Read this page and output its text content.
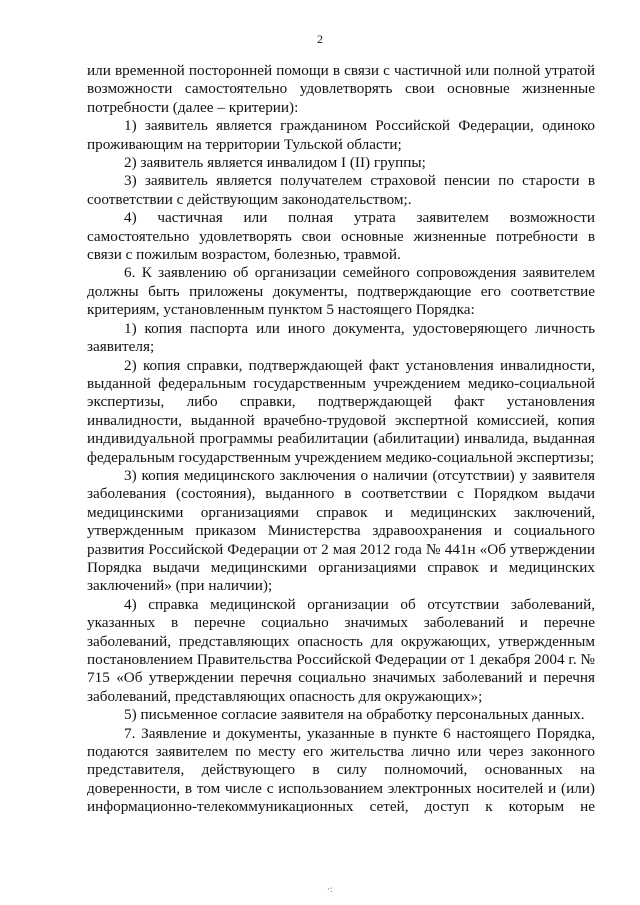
2

или временной посторонней помощи в связи с частичной или полной утратой возможности самостоятельно удовлетворять свои основные жизненные потребности (далее – критерии):

1) заявитель является гражданином Российской Федерации, одиноко проживающим на территории Тульской области;

2) заявитель является инвалидом I (II) группы;

3) заявитель является получателем страховой пенсии по старости в соответствии с действующим законодательством;.

4) частичная или полная утрата заявителем возможности самостоятельно удовлетворять свои основные жизненные потребности в связи с пожилым возрастом, болезнью, травмой.

6. К заявлению об организации семейного сопровождения заявителем должны быть приложены документы, подтверждающие его соответствие критериям, установленным пунктом 5 настоящего Порядка:

1) копия паспорта или иного документа, удостоверяющего личность заявителя;

2) копия справки, подтверждающей факт установления инвалидности, выданной федеральным государственным учреждением медико-социальной экспертизы, либо справки, подтверждающей факт установления инвалидности, выданной врачебно-трудовой экспертной комиссией, копия индивидуальной программы реабилитации (абилитации) инвалида, выданная федеральным государственным учреждением медико-социальной экспертизы;

3) копия медицинского заключения о наличии (отсутствии) у заявителя заболевания (состояния), выданного в соответствии с Порядком выдачи медицинскими организациями справок и медицинских заключений, утвержденным приказом Министерства здравоохранения и социального развития Российской Федерации от 2 мая 2012 года № 441н «Об утверждении Порядка выдачи медицинскими организациями справок и медицинских заключений» (при наличии);

4) справка медицинской организации об отсутствии заболеваний, указанных в перечне социально значимых заболеваний и перечне заболеваний, представляющих опасность для окружающих, утвержденным постановлением Правительства Российской Федерации от 1 декабря 2004 г. № 715 «Об утверждении перечня социально значимых заболеваний и перечня заболеваний, представляющих опасность для окружающих»;

5) письменное согласие заявителя на обработку персональных данных.

7. Заявление и документы, указанные в пункте 6 настоящего Порядка, подаются заявителем по месту его жительства лично или через законного представителя, действующего в силу полномочий, основанных на доверенности, в том числе с использованием электронных носителей и (или) информационно-телекоммуникационных сетей, доступ к которым не

·:
